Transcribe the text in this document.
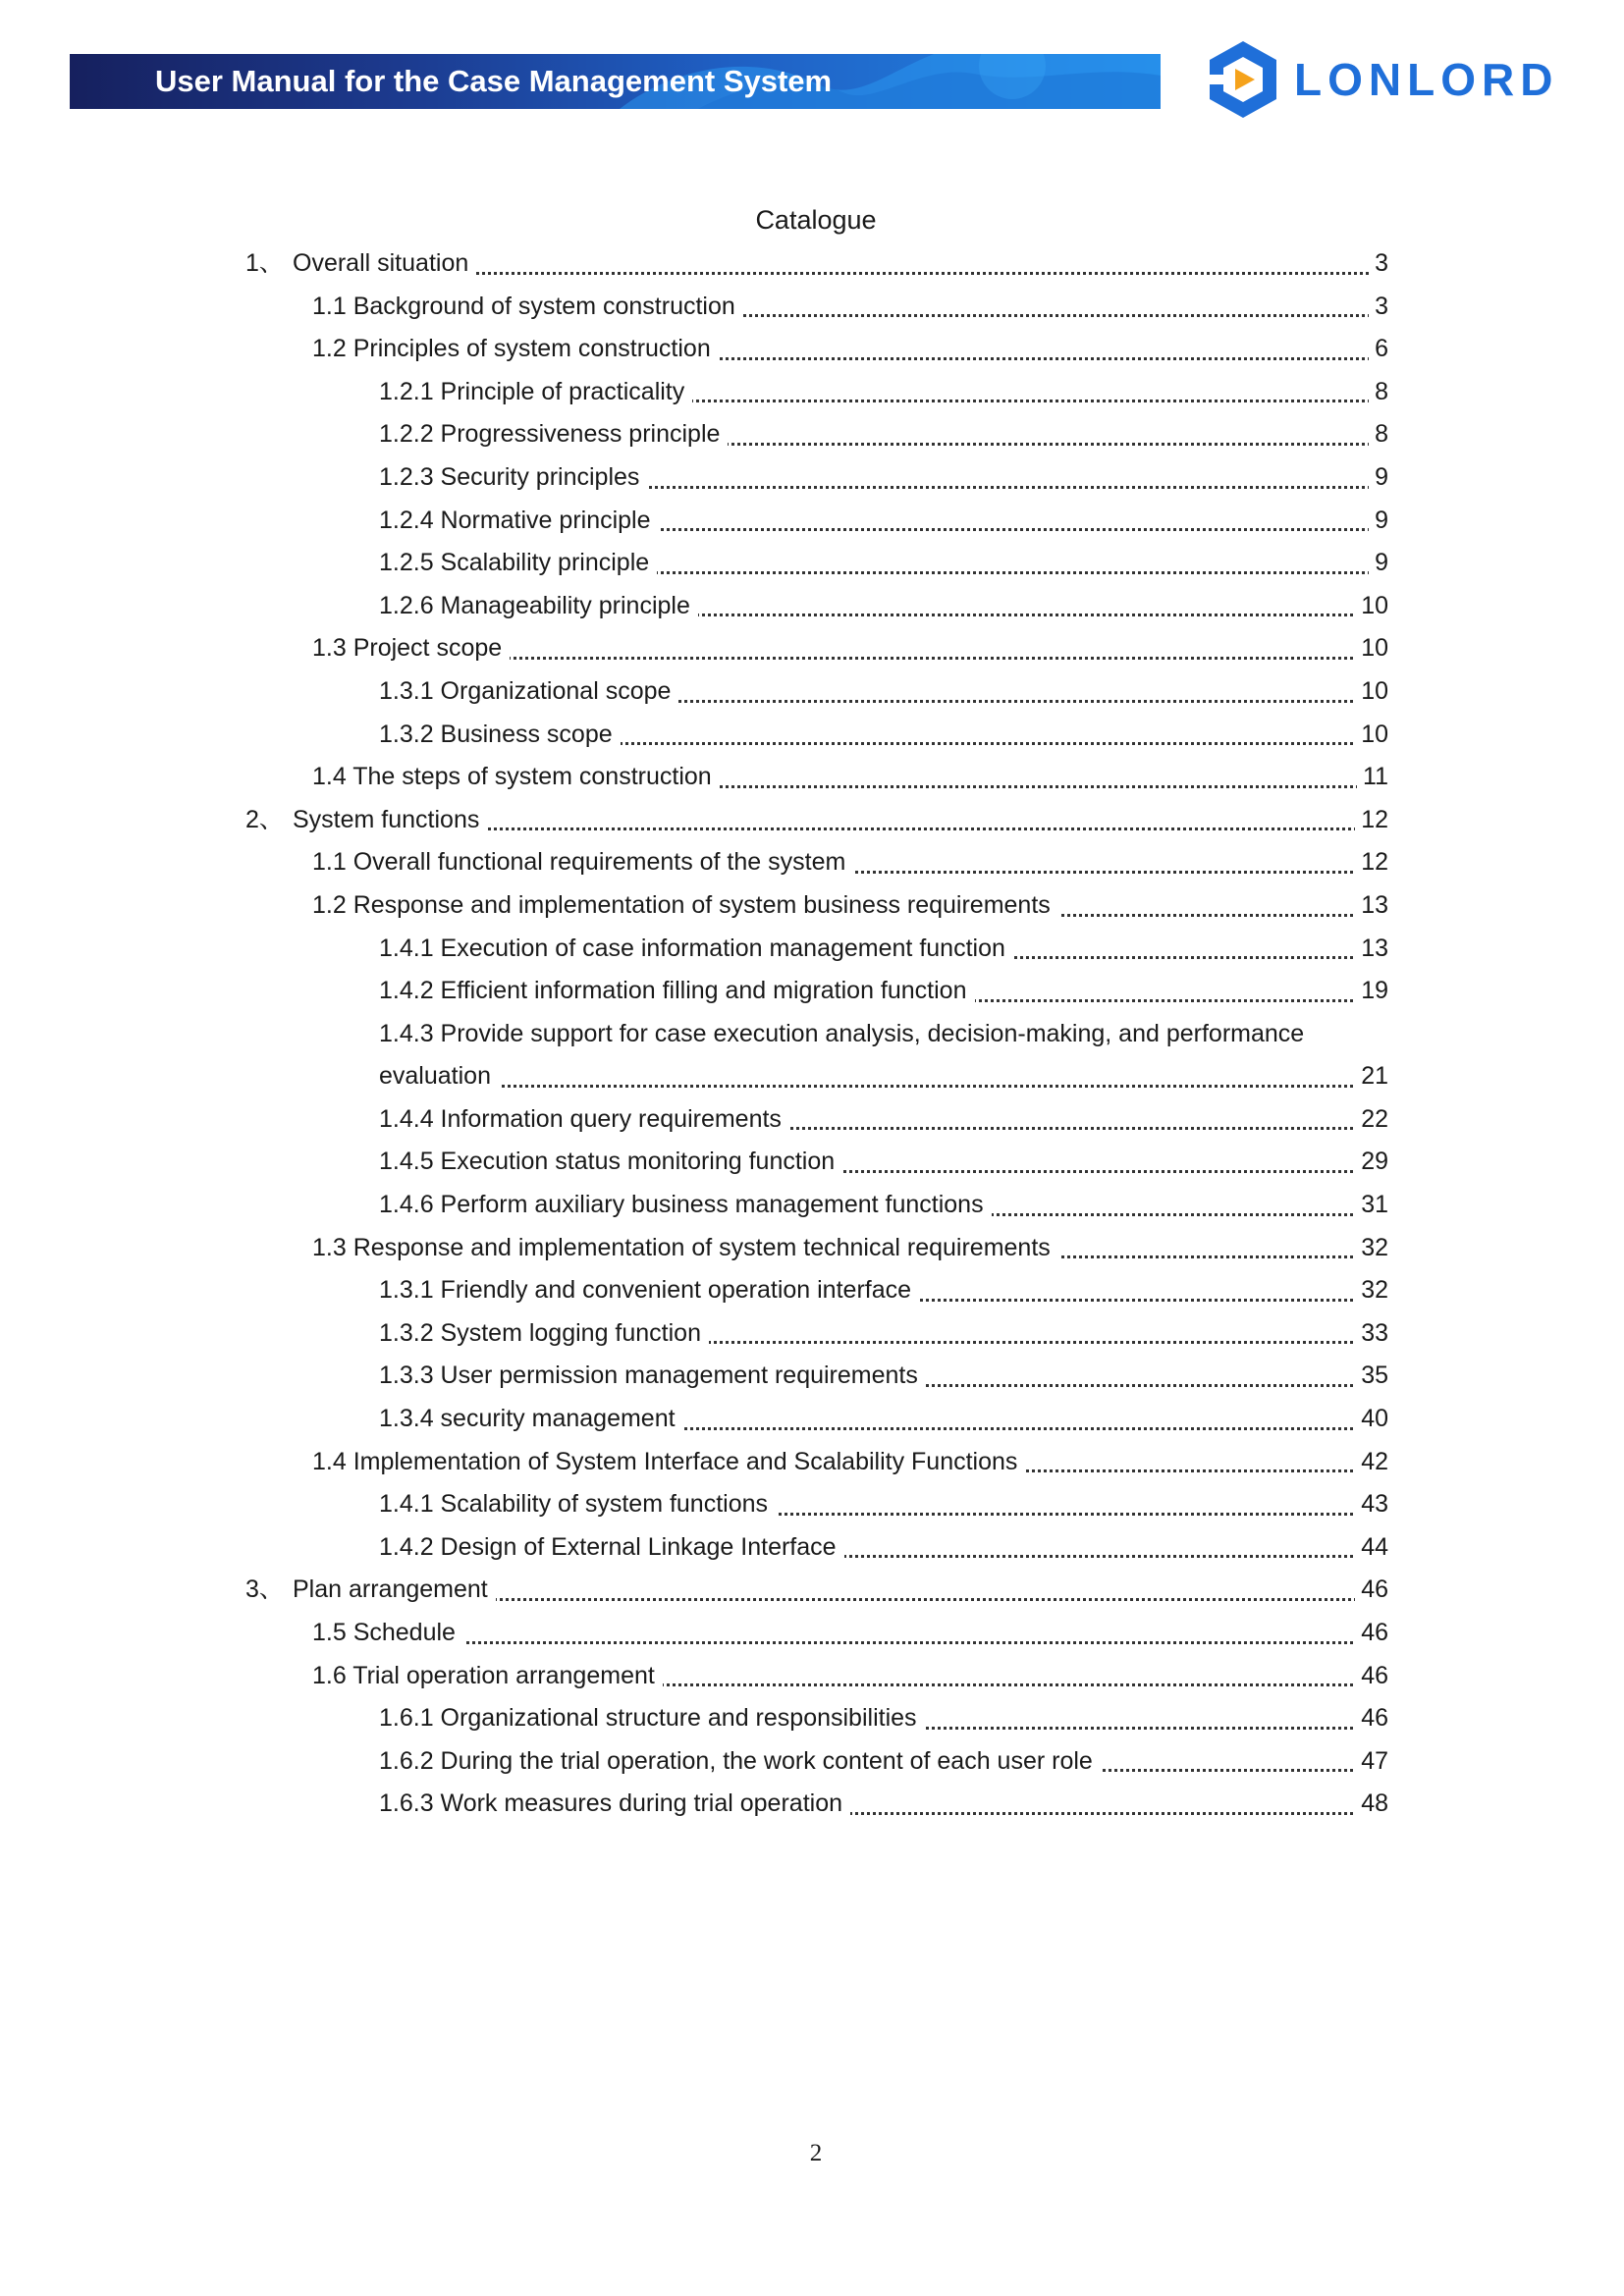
User Manual for the Case Management System	LONLORD
Catalogue
1、 Overall situation	3
1.1 Background of system construction	3
1.2 Principles of system construction	6
1.2.1 Principle of practicality	8
1.2.2 Progressiveness principle	8
1.2.3 Security principles	9
1.2.4 Normative principle	9
1.2.5 Scalability principle	9
1.2.6 Manageability principle	10
1.3 Project scope	10
1.3.1 Organizational scope	10
1.3.2 Business scope	10
1.4 The steps of system construction	11
2、 System functions	12
1.1 Overall functional requirements of the system	12
1.2 Response and implementation of system business requirements	13
1.4.1 Execution of case information management function	13
1.4.2 Efficient information filling and migration function	19
1.4.3 Provide support for case execution analysis, decision-making, and performance
evaluation	21
1.4.4 Information query requirements	22
1.4.5 Execution status monitoring function	29
1.4.6 Perform auxiliary business management functions	31
1.3 Response and implementation of system technical requirements	32
1.3.1 Friendly and convenient operation interface	32
1.3.2 System logging function	33
1.3.3 User permission management requirements	35
1.3.4 security management	40
1.4 Implementation of System Interface and Scalability Functions	42
1.4.1 Scalability of system functions	43
1.4.2 Design of External Linkage Interface	44
3、 Plan arrangement	46
1.5 Schedule	46
1.6 Trial operation arrangement	46
1.6.1 Organizational structure and responsibilities	46
1.6.2 During the trial operation, the work content of each user role	47
1.6.3 Work measures during trial operation	48
2
